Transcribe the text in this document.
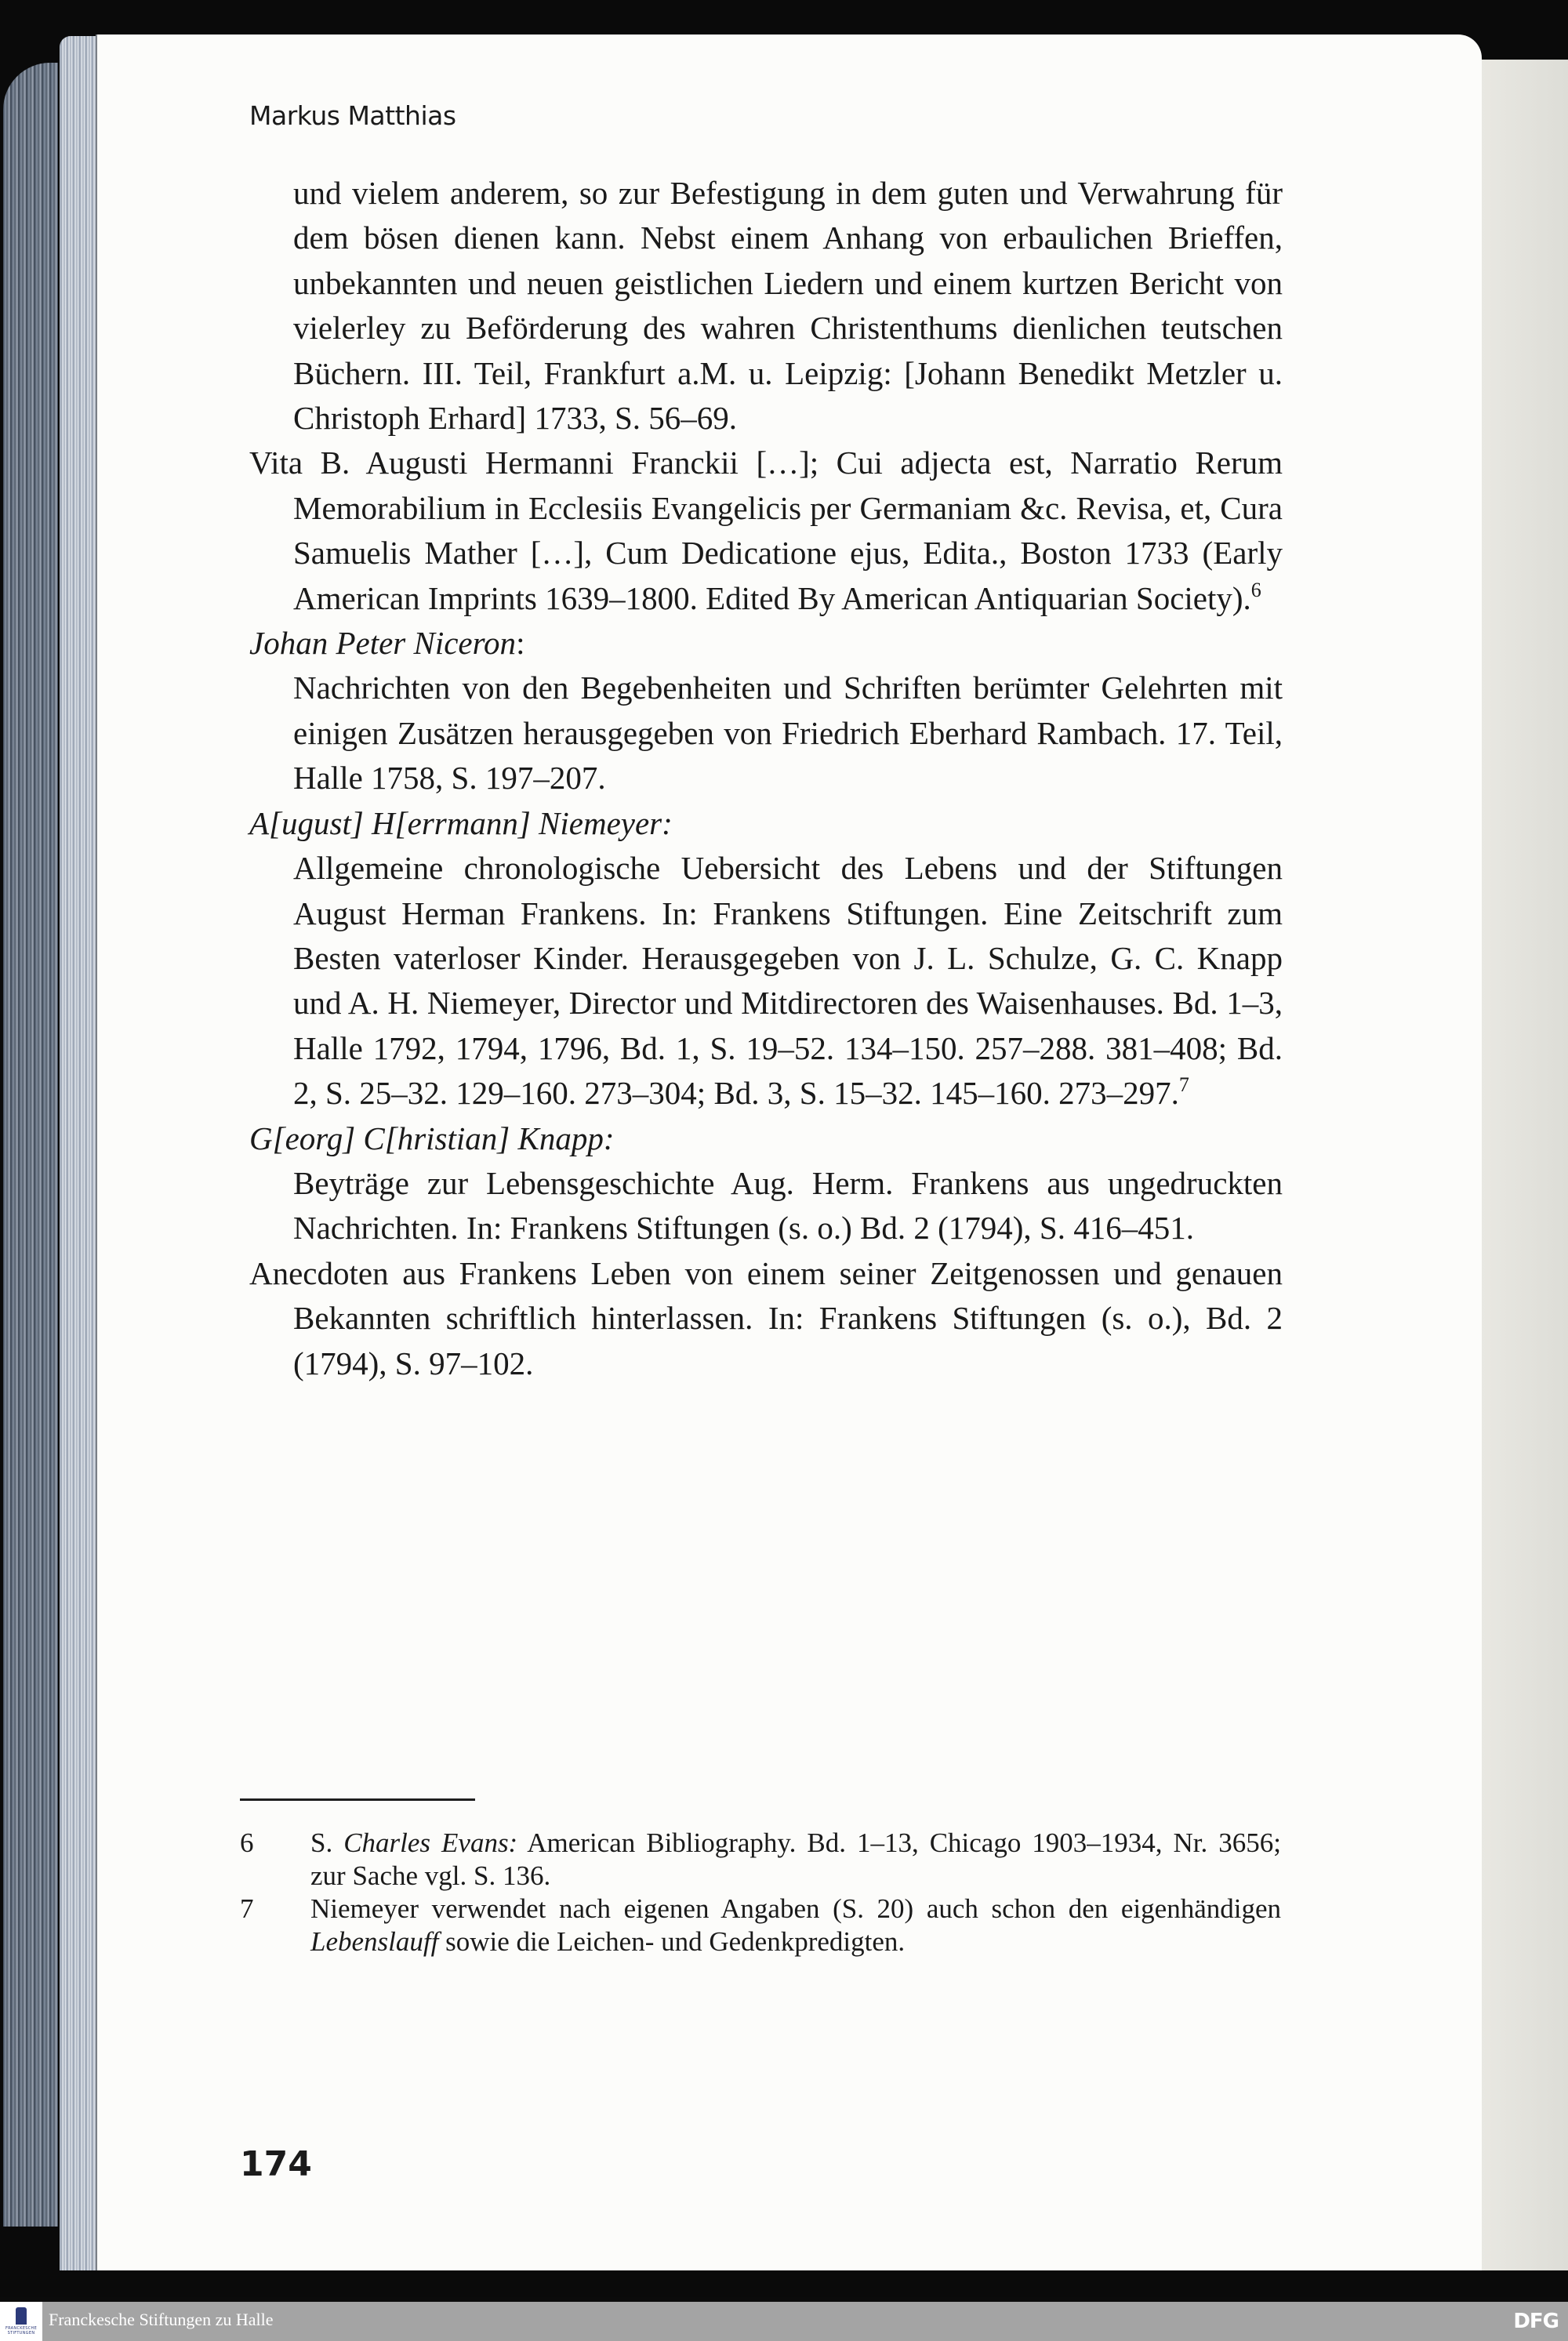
Markus Matthias

und vielem anderem, so zur Befestigung in dem guten und Verwahrung für dem bösen dienen kann. Nebst einem Anhang von erbaulichen Brieffen, unbekannten und neuen geistlichen Liedern und einem kurtzen Bericht von vielerley zu Beförderung des wahren Christenthums dienlichen teutschen Büchern. III. Teil, Frankfurt a.M. u. Leipzig: [Johann Benedikt Metzler u. Christoph Erhard] 1733, S. 56–69.

Vita B. Augusti Hermanni Franckii […]; Cui adjecta est, Narratio Rerum Memorabilium in Ecclesiis Evangelicis per Germaniam &c. Revisa, et, Cura Samuelis Mather […], Cum Dedicatione ejus, Edita., Boston 1733 (Early American Imprints 1639–1800. Edited By American Antiquarian Society).$^6$

Johan Peter Niceron:

Nachrichten von den Begebenheiten und Schriften berümter Gelehrten mit einigen Zusätzen herausgegeben von Friedrich Eberhard Rambach. 17. Teil, Halle 1758, S. 197–207.

A[ugust] H[errmann] Niemeyer:

Allgemeine chronologische Uebersicht des Lebens und der Stiftungen August Herman Frankens. In: Frankens Stiftungen. Eine Zeitschrift zum Besten vaterloser Kinder. Herausgegeben von J. L. Schulze, G. C. Knapp und A. H. Niemeyer, Director und Mitdirectoren des Waisenhauses. Bd. 1–3, Halle 1792, 1794, 1796, Bd. 1, S. 19–52. 134–150. 257–288. 381–408; Bd. 2, S. 25–32. 129–160. 273–304; Bd. 3, S. 15–32. 145–160. 273–297.$^7$

G[eorg] C[hristian] Knapp:

Beyträge zur Lebensgeschichte Aug. Herm. Frankens aus ungedruckten Nachrichten. In: Frankens Stiftungen (s. o.) Bd. 2 (1794), S. 416–451.

Anecdoten aus Frankens Leben von einem seiner Zeitgenossen und genauen Bekannten schriftlich hinterlassen. In: Frankens Stiftungen (s. o.), Bd. 2 (1794), S. 97–102.

6	S. Charles Evans: American Bibliography. Bd. 1–13, Chicago 1903–1934, Nr. 3656; zur Sache vgl. S. 136.
7	Niemeyer verwendet nach eigenen Angaben (S. 20) auch schon den eigenhändigen Lebenslauff sowie die Leichen- und Gedenkpredigten.
174
FRANCKESCHE
STIFTUNGEN
Franckesche Stiftungen zu Halle	DFG
